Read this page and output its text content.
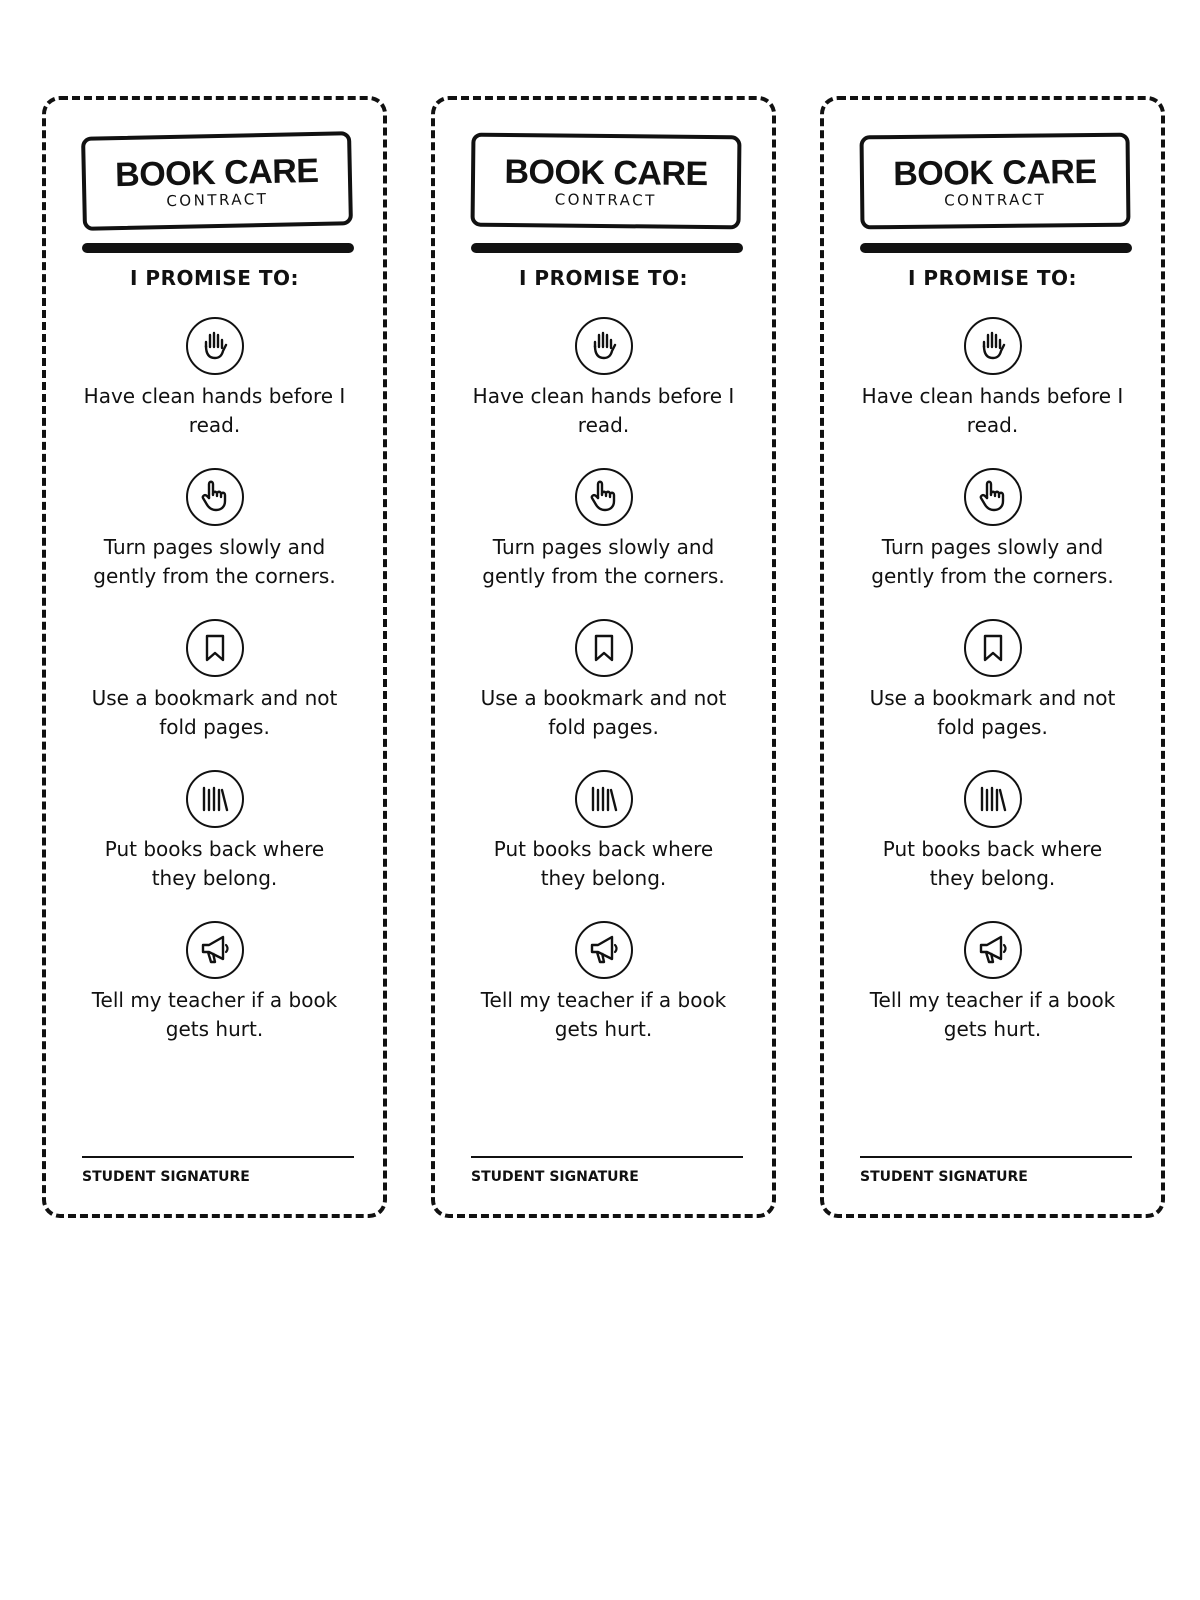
BOOK CARE
CONTRACT
I PROMISE TO:
Have clean hands before I read.
Turn pages slowly and gently from the corners.
Use a bookmark and not fold pages.
Put books back where they belong.
Tell my teacher if a book gets hurt.
STUDENT SIGNATURE
BOOK CARE
CONTRACT
I PROMISE TO:
Have clean hands before I read.
Turn pages slowly and gently from the corners.
Use a bookmark and not fold pages.
Put books back where they belong.
Tell my teacher if a book gets hurt.
STUDENT SIGNATURE
BOOK CARE
CONTRACT
I PROMISE TO:
Have clean hands before I read.
Turn pages slowly and gently from the corners.
Use a bookmark and not fold pages.
Put books back where they belong.
Tell my teacher if a book gets hurt.
STUDENT SIGNATURE
